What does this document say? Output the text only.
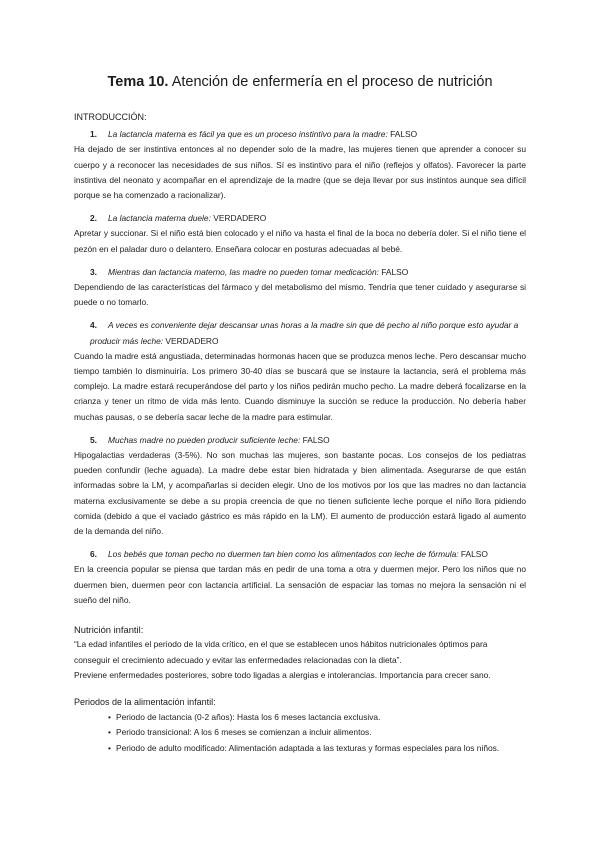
Tema 10. Atención de enfermería en el proceso de nutrición

INTRODUCCIÓN:

1. La lactancia materna es fácil ya que es un proceso instintivo para la madre: FALSO

Ha dejado de ser instintiva entonces al no depender solo de la madre, las mujeres tienen que aprender a conocer su cuerpo y a reconocer las necesidades de sus niños. Sí es instintivo para el niño (reflejos y olfatos). Favorecer la parte instintiva del neonato y acompañar en el aprendizaje de la madre (que se deja llevar por sus instintos aunque sea difícil porque se ha comenzado a racionalizar).

2. La lactancia materna duele: VERDADERO

Apretar y succionar. Si el niño está bien colocado y el niño va hasta el final de la boca no debería doler. Si el niño tiene el pezón en el paladar duro o delantero. Enseñara colocar en posturas adecuadas al bebé.

3. Mientras dan lactancia materno, las madre no pueden tomar medicación: FALSO

Dependiendo de las características del fármaco y del metabolismo del mismo. Tendría que tener cuidado y asegurarse si puede o no tomarlo.

4. A veces es conveniente dejar descansar unas horas a la madre sin que dé pecho al niño porque esto ayudar a producir más leche: VERDADERO

Cuando la madre está angustiada, determinadas hormonas hacen que se produzca menos leche. Pero descansar mucho tiempo también lo disminuiría. Los primero 30-40 días se buscará que se instaure la lactancia, será el problema más complejo. La madre estará recuperándose del parto y los niños pedirán mucho pecho. La madre deberá focalizarse en la crianza y tener un ritmo de vida más lento. Cuando disminuye la succión se reduce la producción. No debería haber muchas pausas, o se debería sacar leche de la madre para estimular.

5. Muchas madre no pueden producir suficiente leche: FALSO

Hipogalactias verdaderas (3-5%). No son muchas las mujeres, son bastante pocas. Los consejos de los pediatras pueden confundir (leche aguada). La madre debe estar bien hidratada y bien alimentada. Asegurarse de que están informadas sobre la LM, y acompañarlas si deciden elegir. Uno de los motivos por los que las madres no dan lactancia materna exclusivamente se debe a su propia creencia de que no tienen suficiente leche porque el niño llora pidiendo comida (debido a que el vaciado gástrico es más rápido en la LM). El aumento de producción estará ligado al aumento de la demanda del niño.

6. Los bebés que toman pecho no duermen tan bien como los alimentados con leche de fórmula: FALSO

En la creencia popular se piensa que tardan más en pedir de una toma a otra y duermen mejor. Pero los niños que no duermen bien, duermen peor con lactancia artificial. La sensación de espaciar las tomas no mejora la sensación ni el sueño del niño.

Nutrición infantil:

“La edad infantiles el periodo de la vida crítico, en el que se establecen unos hábitos nutricionales óptimos para conseguir el crecimiento adecuado y evitar las enfermedades relacionadas con la dieta”.

Previene enfermedades posteriores, sobre todo ligadas a alergias e intolerancias. Importancia para crecer sano.

Periodos de la alimentación infantil:

• Periodo de lactancia (0-2 años): Hasta los 6 meses lactancia exclusiva.
• Periodo transicional: A los 6 meses se comienzan a incluir alimentos.
• Periodo de adulto modificado: Alimentación adaptada a las texturas y formas especiales para los niños.
